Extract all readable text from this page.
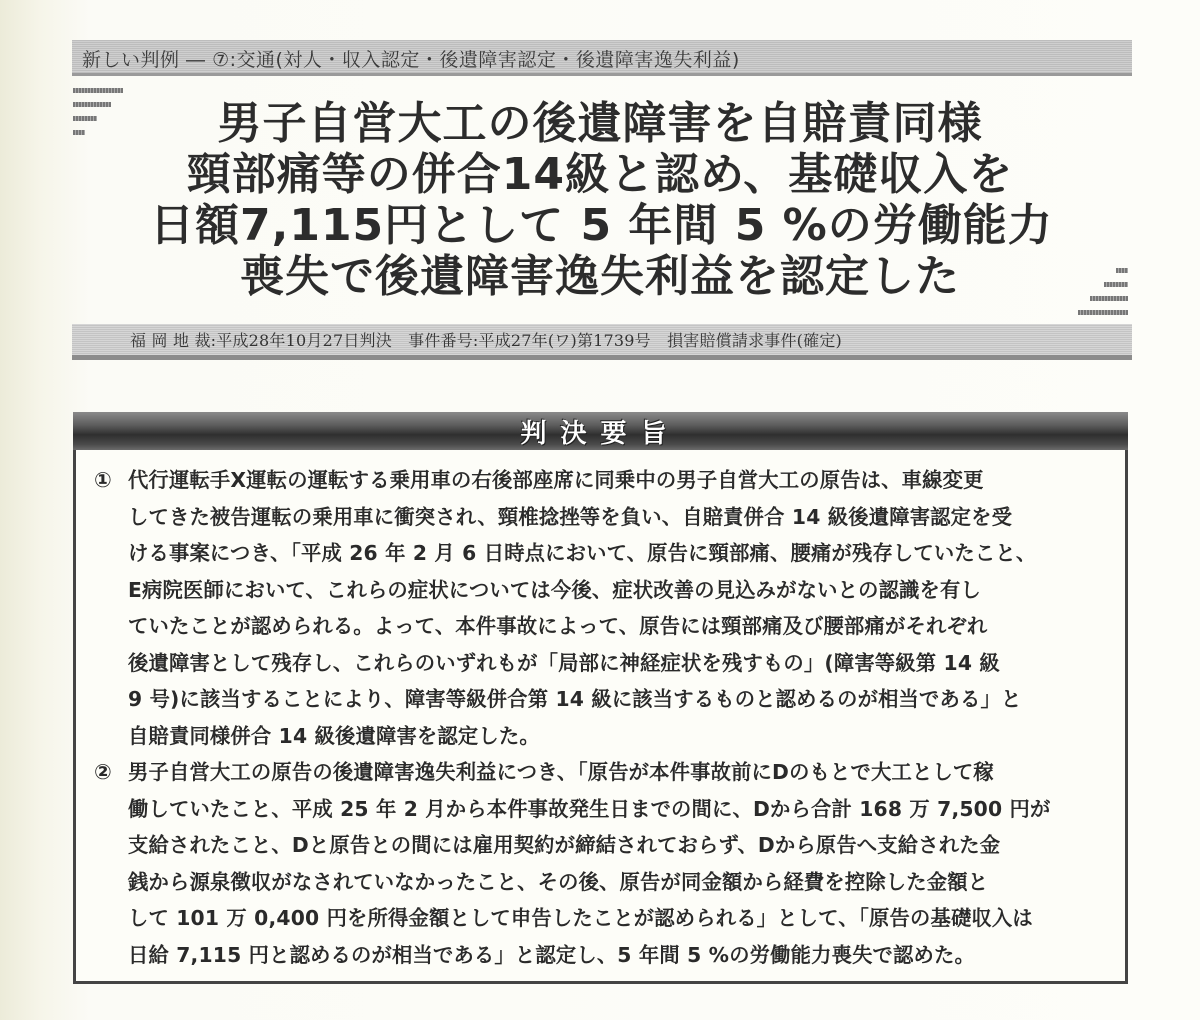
新しい判例 ― ⑦:交通(対人・収入認定・後遺障害認定・後遺障害逸失利益)
男子自営大工の後遺障害を自賠責同様
頸部痛等の併合14級と認め、基礎収入を
日額7,115円として 5 年間 5 %の労働能力
喪失で後遺障害逸失利益を認定した
福 岡 地 裁:平成28年10月27日判決　事件番号:平成27年(ワ)第1739号　損害賠償請求事件(確定)
判決要旨
① 代行運転手X運転の運転する乗用車の右後部座席に同乗中の男子自営大工の原告は、車線変更
してきた被告運転の乗用車に衝突され、頸椎捻挫等を負い、自賠責併合 14 級後遺障害認定を受
ける事案につき、「平成 26 年 2 月 6 日時点において、原告に頸部痛、腰痛が残存していたこと、
E病院医師において、これらの症状については今後、症状改善の見込みがないとの認識を有し
ていたことが認められる。よって、本件事故によって、原告には頸部痛及び腰部痛がそれぞれ
後遺障害として残存し、これらのいずれもが「局部に神経症状を残すもの」(障害等級第 14 級
9 号)に該当することにより、障害等級併合第 14 級に該当するものと認めるのが相当である」と
自賠責同様併合 14 級後遺障害を認定した。
② 男子自営大工の原告の後遺障害逸失利益につき、「原告が本件事故前にDのもとで大工として稼
働していたこと、平成 25 年 2 月から本件事故発生日までの間に、Dから合計 168 万 7,500 円が
支給されたこと、Dと原告との間には雇用契約が締結されておらず、Dから原告へ支給された金
銭から源泉徴収がなされていなかったこと、その後、原告が同金額から経費を控除した金額と
して 101 万 0,400 円を所得金額として申告したことが認められる」として、「原告の基礎収入は
日給 7,115 円と認めるのが相当である」と認定し、5 年間 5 %の労働能力喪失で認めた。
